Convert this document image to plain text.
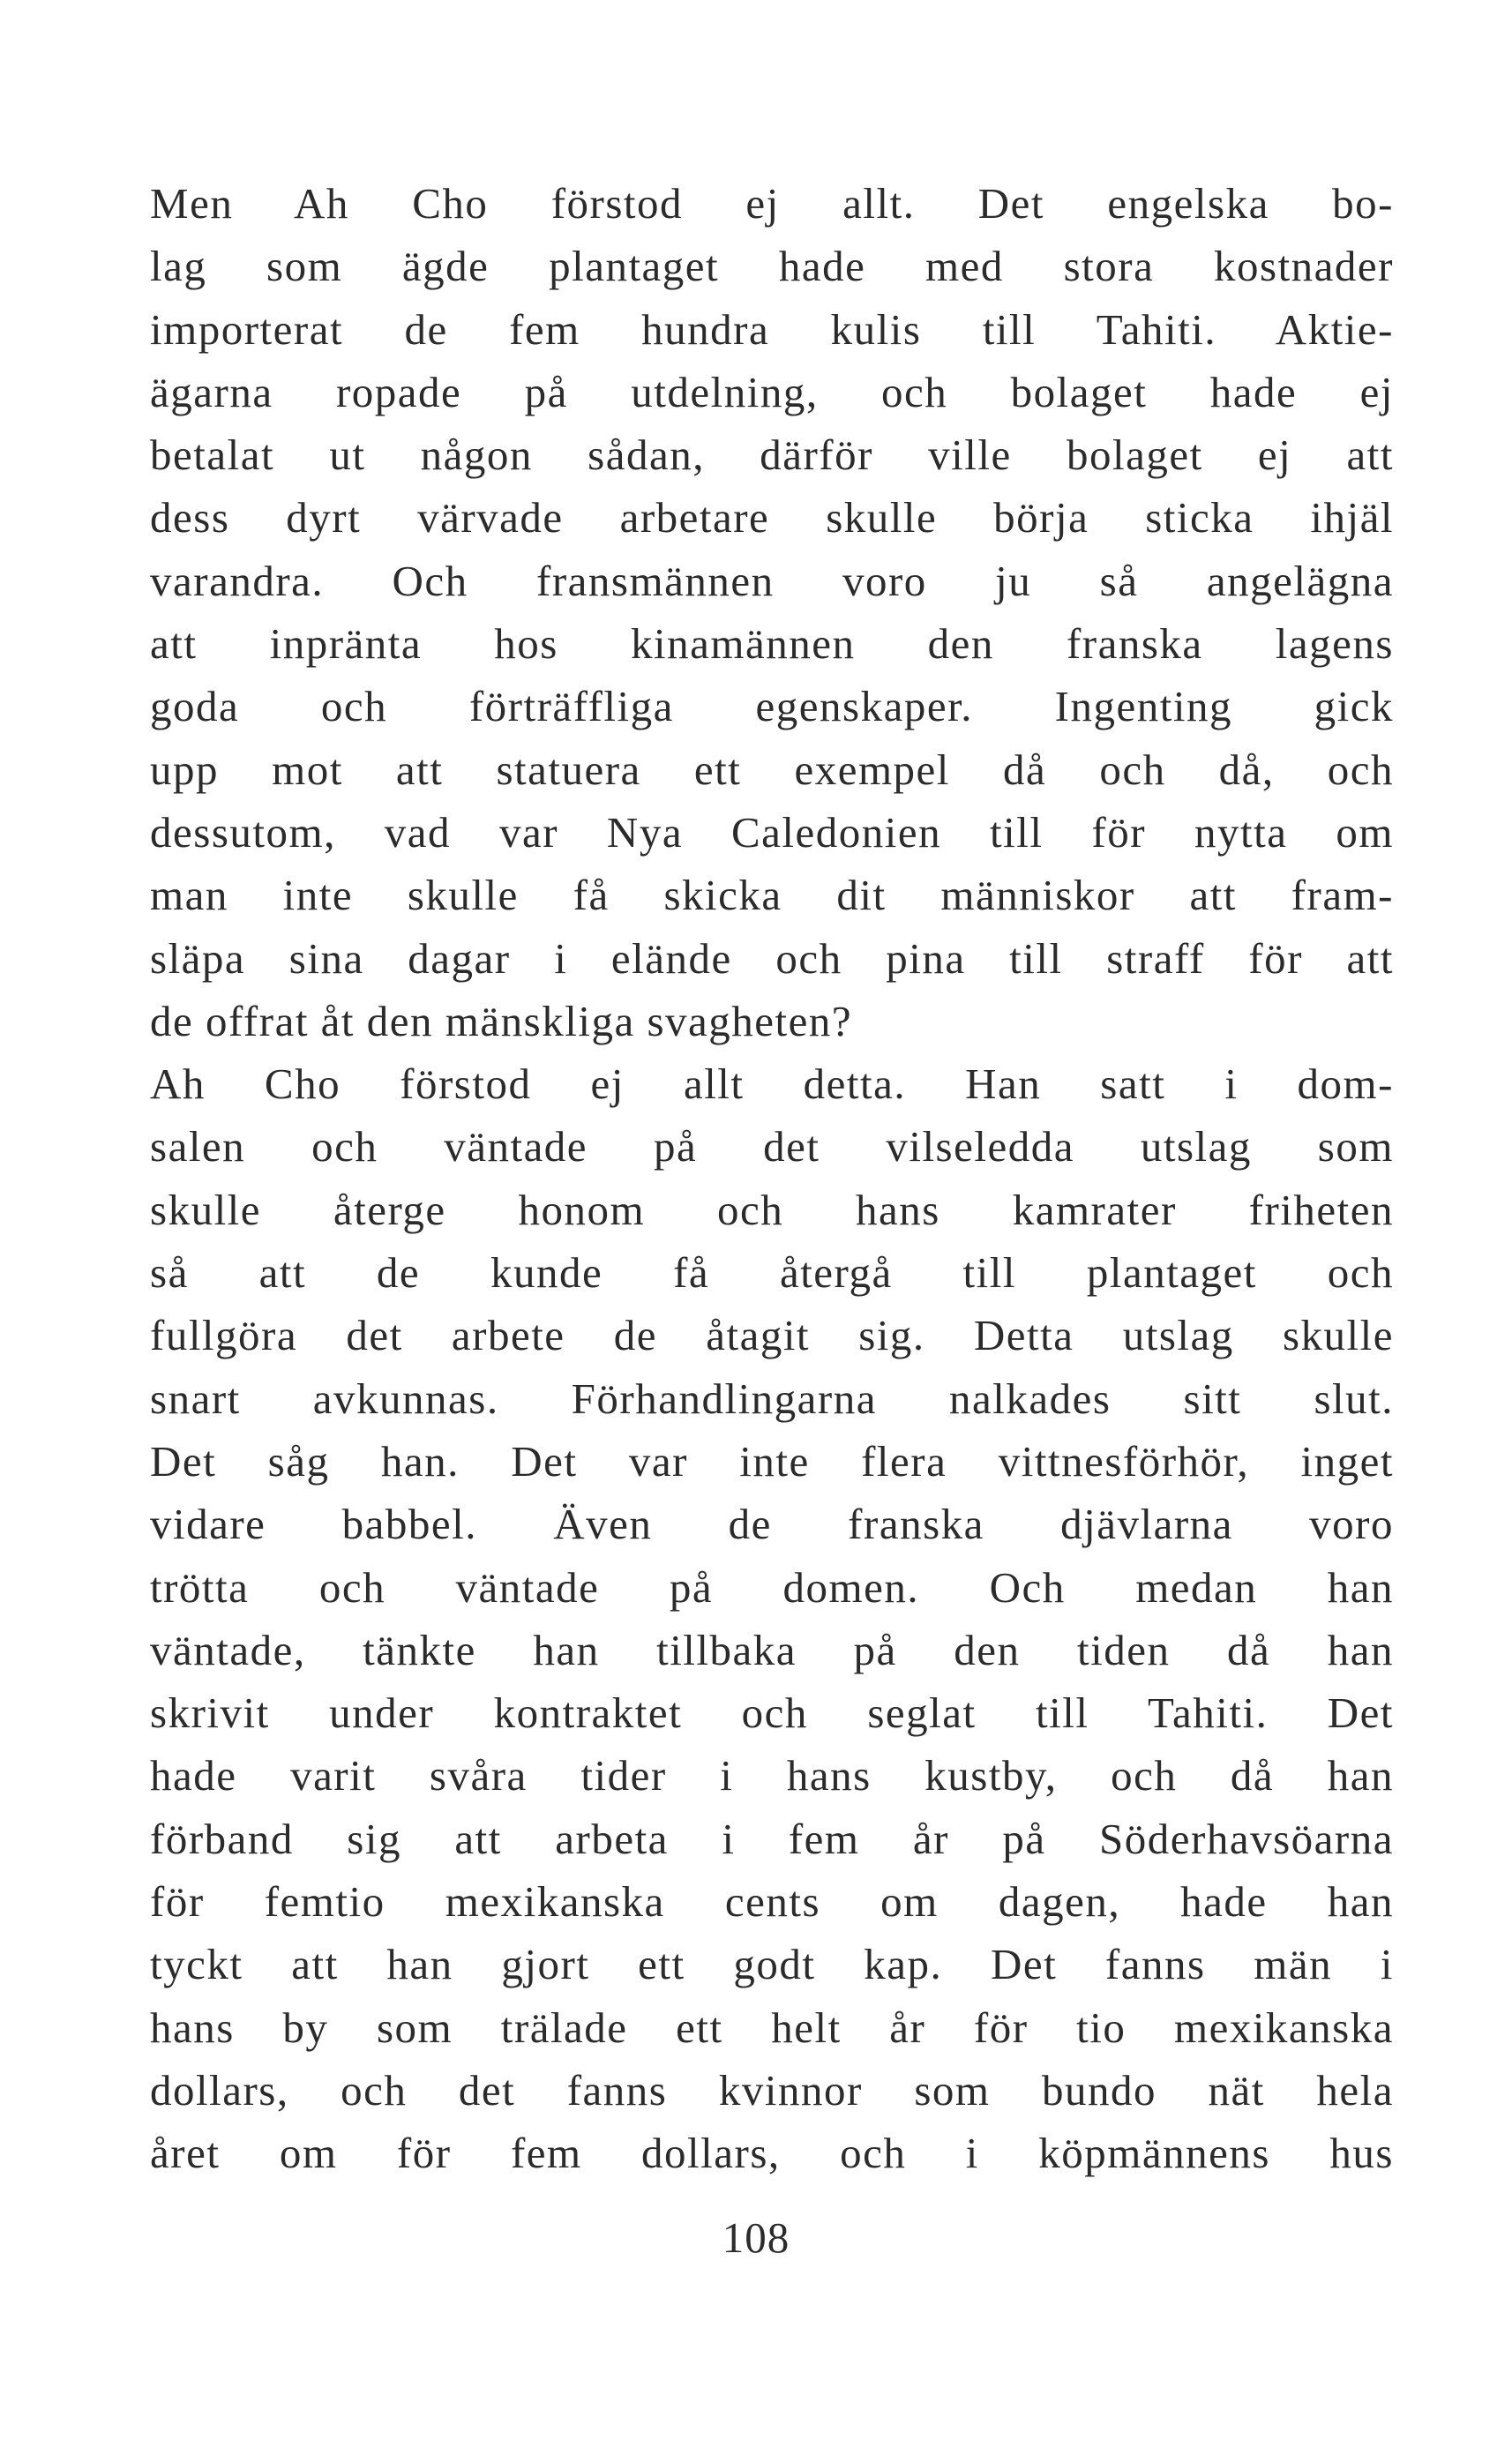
Men Ah Cho förstod ej allt. Det engelska bo-
lag som ägde plantaget hade med stora kostnader
importerat de fem hundra kulis till Tahiti. Aktie-
ägarna ropade på utdelning, och bolaget hade ej
betalat ut någon sådan, därför ville bolaget ej att
dess dyrt värvade arbetare skulle börja sticka ihjäl
varandra. Och fransmännen voro ju så angelägna
att inpränta hos kinamännen den franska lagens
goda och förträffliga egenskaper. Ingenting gick
upp mot att statuera ett exempel då och då, och
dessutom, vad var Nya Caledonien till för nytta om
man inte skulle få skicka dit människor att fram-
släpa sina dagar i elände och pina till straff för att
de offrat åt den mänskliga svagheten?
Ah Cho förstod ej allt detta. Han satt i dom-
salen och väntade på det vilseledda utslag som
skulle återge honom och hans kamrater friheten
så att de kunde få återgå till plantaget och
fullgöra det arbete de åtagit sig. Detta utslag skulle
snart avkunnas. Förhandlingarna nalkades sitt slut.
Det såg han. Det var inte flera vittnesförhör, inget
vidare babbel. Även de franska djävlarna voro
trötta och väntade på domen. Och medan han
väntade, tänkte han tillbaka på den tiden då han
skrivit under kontraktet och seglat till Tahiti. Det
hade varit svåra tider i hans kustby, och då han
förband sig att arbeta i fem år på Söderhavsöarna
för femtio mexikanska cents om dagen, hade han
tyckt att han gjort ett godt kap. Det fanns män i
hans by som trälade ett helt år för tio mexikanska
dollars, och det fanns kvinnor som bundo nät hela
året om för fem dollars, och i köpmännens hus
108
